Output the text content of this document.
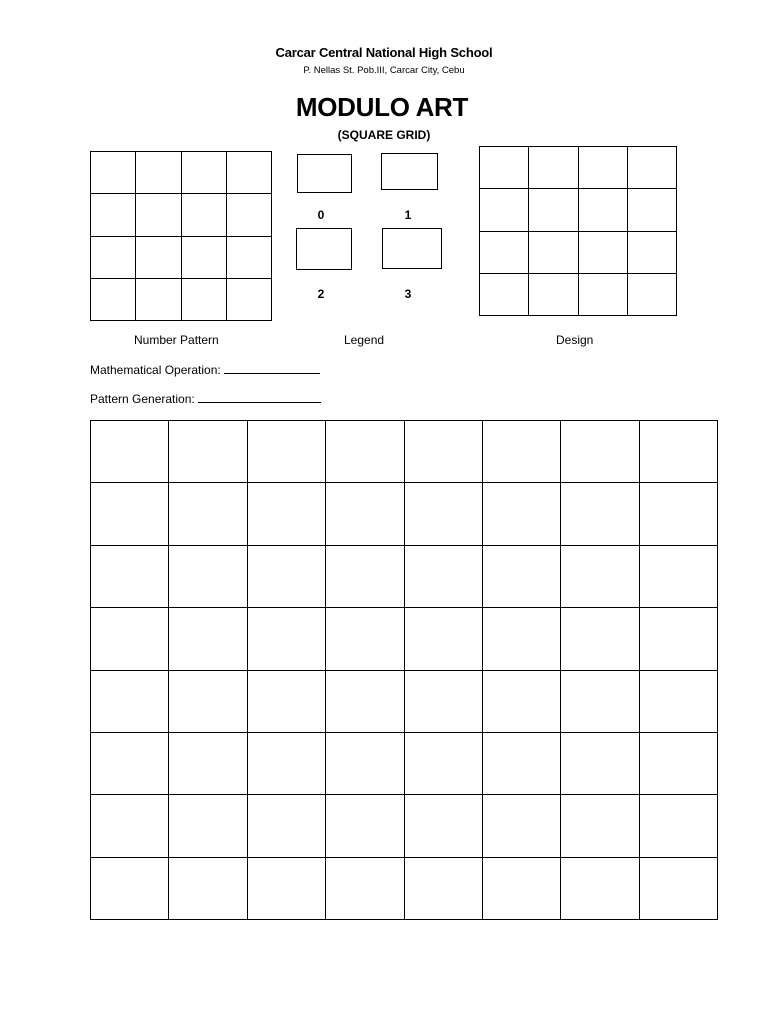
Carcar Central National High School
P. Nellas St. Pob.III, Carcar City, Cebu
MODULO ART
(SQUARE GRID)

0	1
2	3

Number Pattern	Legend	Design
Mathematical Operation:
Pattern Generation:
